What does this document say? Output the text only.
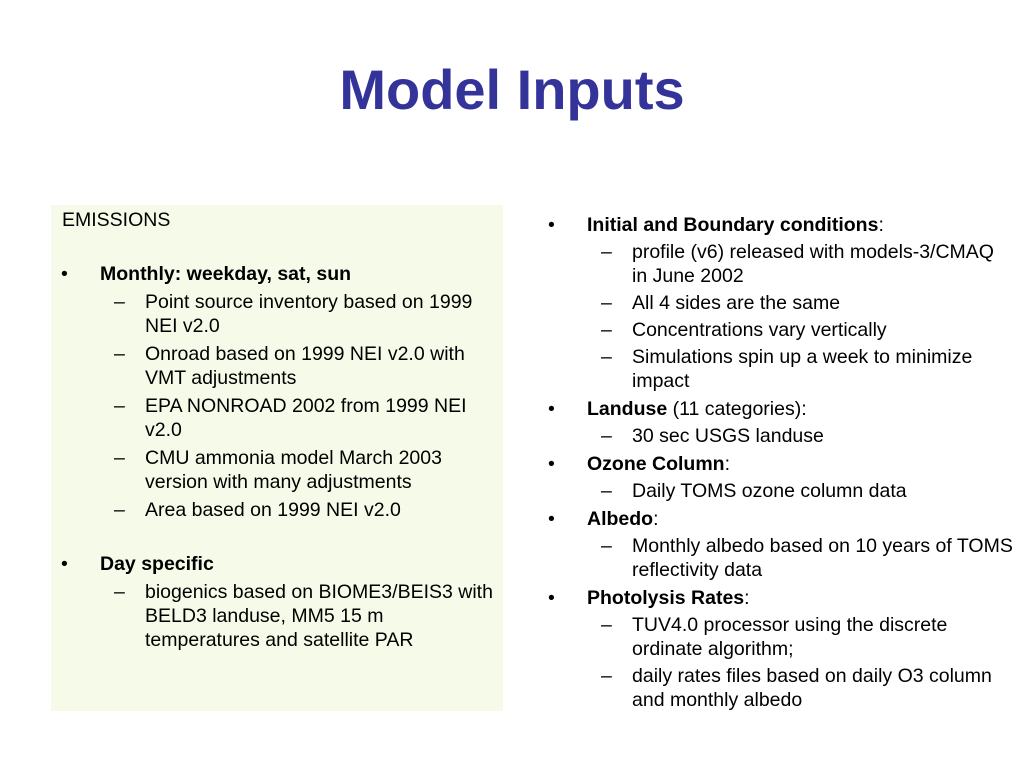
Model Inputs
EMISSIONS
• Monthly: weekday, sat, sun
– Point source inventory based on 1999 NEI v2.0
– Onroad based on 1999 NEI v2.0 with VMT adjustments
– EPA NONROAD 2002 from 1999 NEI v2.0
– CMU ammonia model March 2003 version with many adjustments
– Area based on 1999 NEI v2.0
• Day specific
– biogenics based on BIOME3/BEIS3 with BELD3 landuse, MM5 15 m temperatures and satellite PAR
• Initial and Boundary conditions:
– profile (v6) released with models-3/CMAQ in June 2002
– All 4 sides are the same
– Concentrations vary vertically
– Simulations spin up a week to minimize impact
• Landuse (11 categories):
– 30 sec USGS landuse
• Ozone Column:
– Daily TOMS ozone column data
• Albedo:
– Monthly albedo based on 10 years of TOMS reflectivity data
• Photolysis Rates:
– TUV4.0 processor using the discrete ordinate algorithm;
– daily rates files based on daily O3 column and monthly albedo
